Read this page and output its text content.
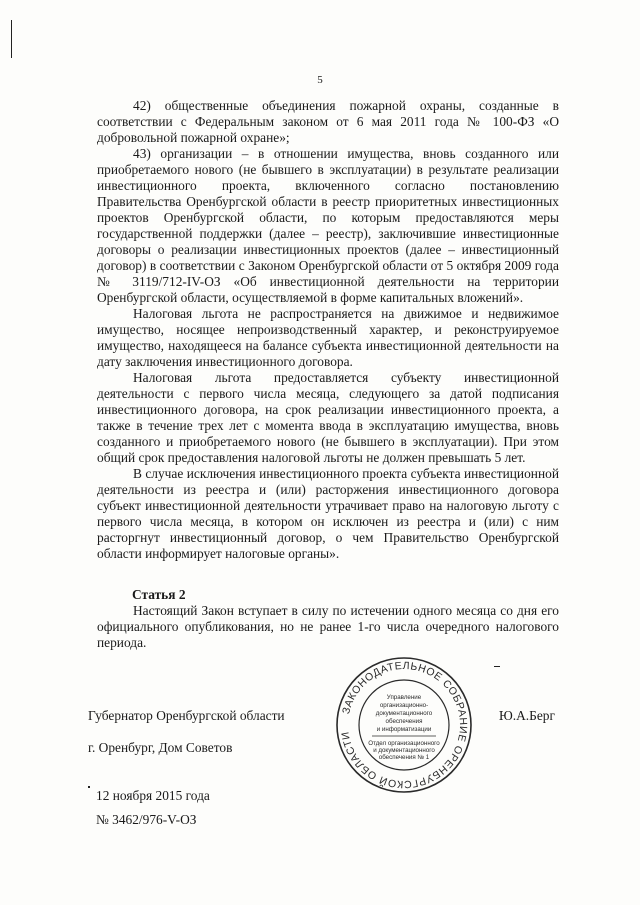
5

42) общественные объединения пожарной охраны, созданные в соответствии с Федеральным законом от 6 мая 2011 года № 100-ФЗ «О добровольной пожарной охране»;

43) организации – в отношении имущества, вновь созданного или приобретаемого нового (не бывшего в эксплуатации) в результате реализации инвестиционного проекта, включенного согласно постановлению Правительства Оренбургской области в реестр приоритетных инвестиционных проектов Оренбургской области, по которым предоставляются меры государственной поддержки (далее – реестр), заключившие инвестиционные договоры о реализации инвестиционных проектов (далее – инвестиционный договор) в соответствии с Законом Оренбургской области от 5 октября 2009 года № 3119/712-IV-ОЗ «Об инвестиционной деятельности на территории Оренбургской области, осуществляемой в форме капитальных вложений».

Налоговая льгота не распространяется на движимое и недвижимое имущество, носящее непроизводственный характер, и реконструируемое имущество, находящееся на балансе субъекта инвестиционной деятельности на дату заключения инвестиционного договора.

Налоговая льгота предоставляется субъекту инвестиционной деятельности с первого числа месяца, следующего за датой подписания инвестиционного договора, на срок реализации инвестиционного проекта, а также в течение трех лет с момента ввода в эксплуатацию имущества, вновь созданного и приобретаемого нового (не бывшего в эксплуатации). При этом общий срок предоставления налоговой льготы не должен превышать 5 лет.

В случае исключения инвестиционного проекта субъекта инвестиционной деятельности из реестра и (или) расторжения инвестиционного договора субъект инвестиционной деятельности утрачивает право на налоговую льготу с первого числа месяца, в котором он исключен из реестра и (или) с ним расторгнут инвестиционный договор, о чем Правительство Оренбургской области информирует налоговые органы».

Статья 2
Настоящий Закон вступает в силу по истечении одного месяца со дня его официального опубликования, но не ранее 1-го числа очередного налогового периода.
Губернатор Оренбургской области
г. Оренбург, Дом Советов
12 ноября 2015 года
№ 3462/976-V-ОЗ
Ю.А.Берг
ЗАКОНОДАТЕЛЬНОЕ СОБРАНИЕ ОРЕНБУРГСКОЙ ОБЛАСТИ
Управление
организационно-
документационного
обеспечения
и информатизации
Отдел организационного
и документационного
обеспечения № 1
